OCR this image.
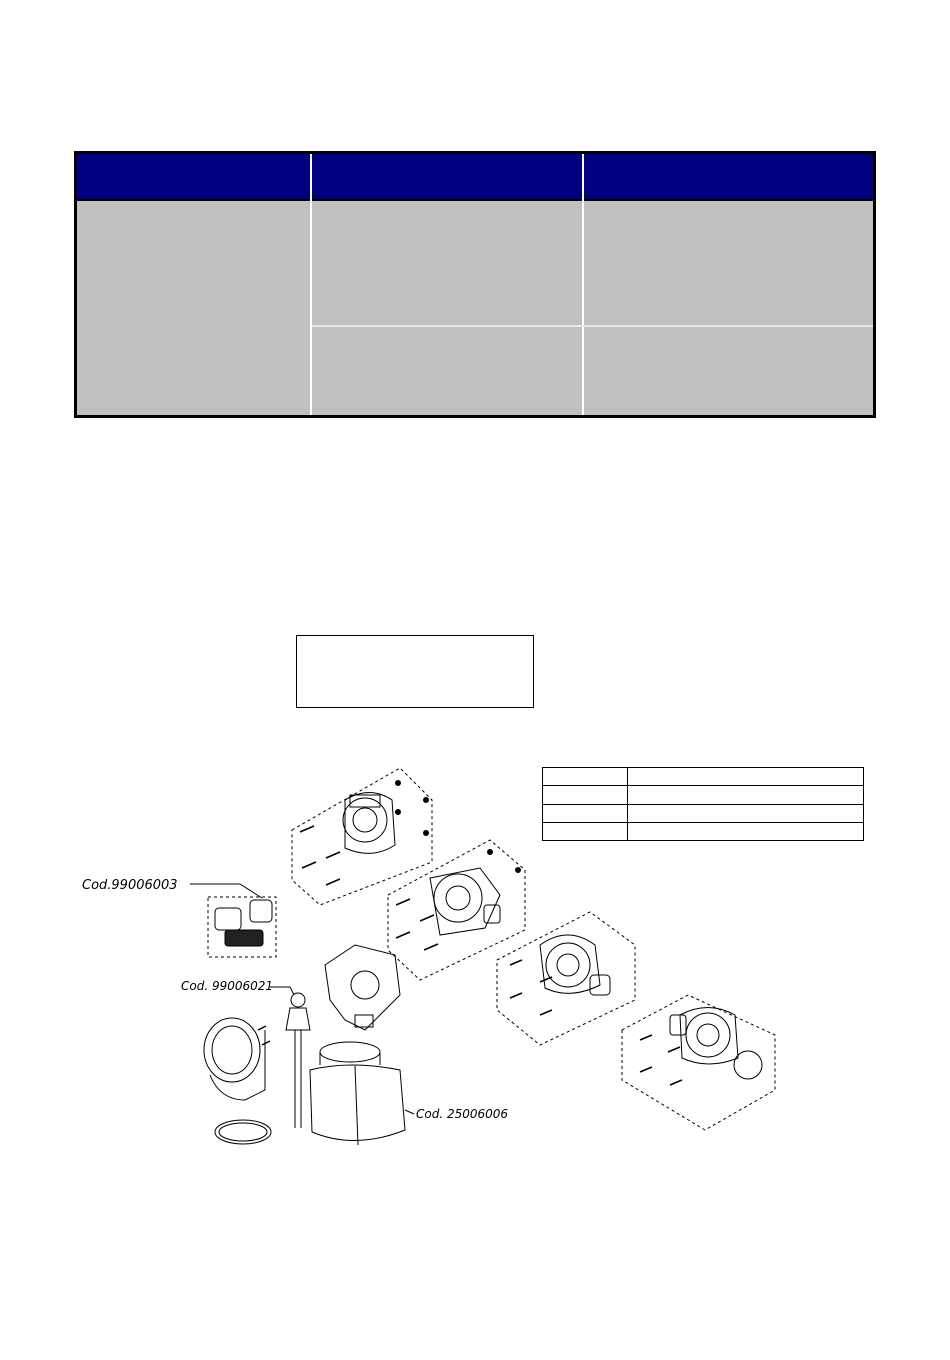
Cod.99006003
Cod. 99006021
Cod. 25006006
